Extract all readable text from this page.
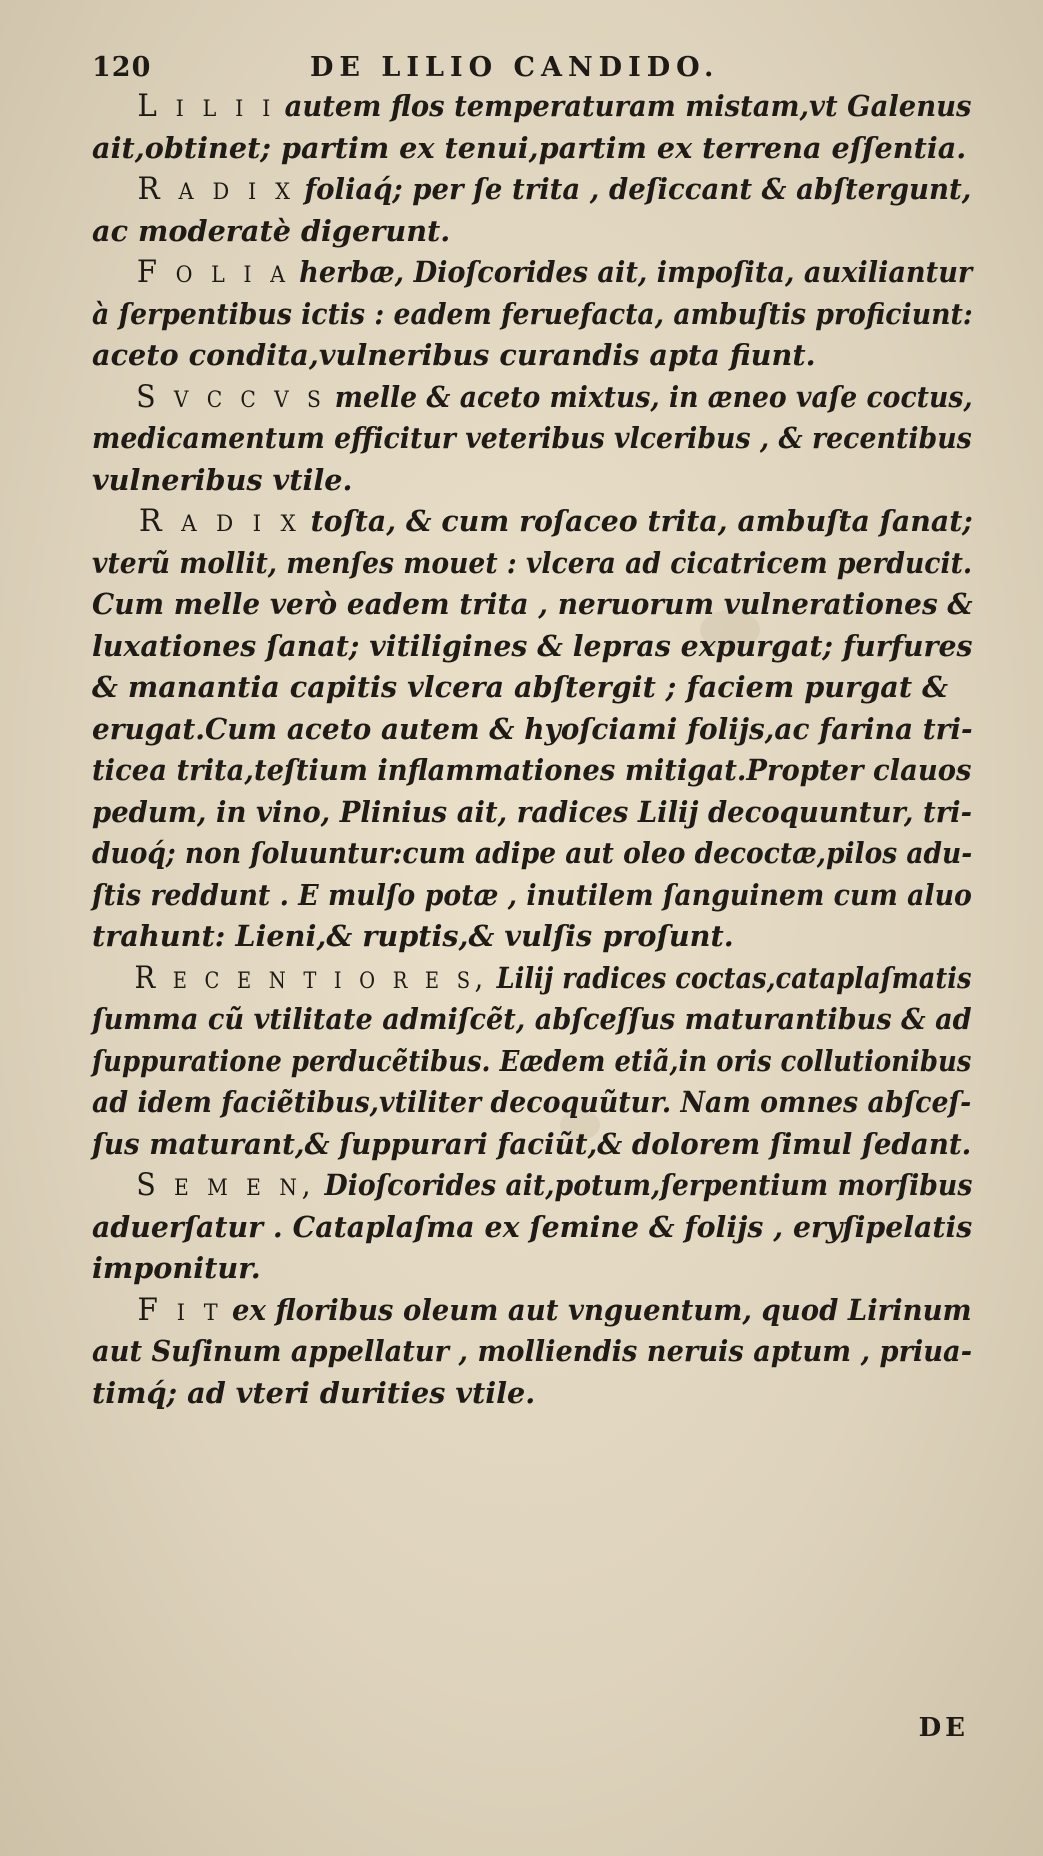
120	DE LILIO CANDIDO.

L i l i i autem flos temperaturam mistam,vt Galenus
ait,obtinet; partim ex tenui,partim ex terrena eſſentia.

R a d i x foliaq́; per ſe trita , deſiccant & abſtergunt,
ac moderatè digerunt.

F o l i a herbæ, Dioſcorides ait, impoſita, auxiliantur
à ſerpentibus ictis : eadem feruefacta, ambuſtis proficiunt:
aceto condita,vulneribus curandis apta fiunt.

S v c c v s melle & aceto mixtus, in æneo vaſe coctus,
medicamentum efficitur veteribus vlceribus , & recentibus
vulneribus vtile.

R a d i x toſta, & cum roſaceo trita, ambuſta ſanat;
vterũ mollit, menſes mouet : vlcera ad cicatricem perducit.
Cum melle verò eadem trita , neruorum vulnerationes &
luxationes ſanat; vitiligines & lepras expurgat; furfures
& manantia capitis vlcera abſtergit ; faciem purgat &
erugat.Cum aceto autem & hyoſciami folijs,ac farina tri-
ticea trita,teſtium inflammationes mitigat.Propter clauos
pedum, in vino, Plinius ait, radices Lilij decoquuntur, tri-
duoq́; non ſoluuntur:cum adipe aut oleo decoctæ,pilos adu-
ſtis reddunt . E mulſo potæ , inutilem ſanguinem cum aluo
trahunt: Lieni,& ruptis,& vulſis proſunt.

R e c e n t i o r e s, Lilij radices coctas,cataplaſmatis
ſumma cũ vtilitate admiſcẽt, abſceſſus maturantibus & ad
ſuppuratione perducẽtibus. Eædem etiã,in oris collutionibus
ad idem faciẽtibus,vtiliter decoquũtur. Nam omnes abſceſ-
ſus maturant,& ſuppurari faciũt,& dolorem ſimul ſedant.

S e m e n, Dioſcorides ait,potum,ſerpentium morſibus
aduerſatur . Cataplaſma ex ſemine & folijs , eryſipelatis
imponitur.

F i t ex floribus oleum aut vnguentum, quod Lirinum
aut Suſinum appellatur , molliendis neruis aptum , priua-
timq́; ad vteri durities vtile.

DE
